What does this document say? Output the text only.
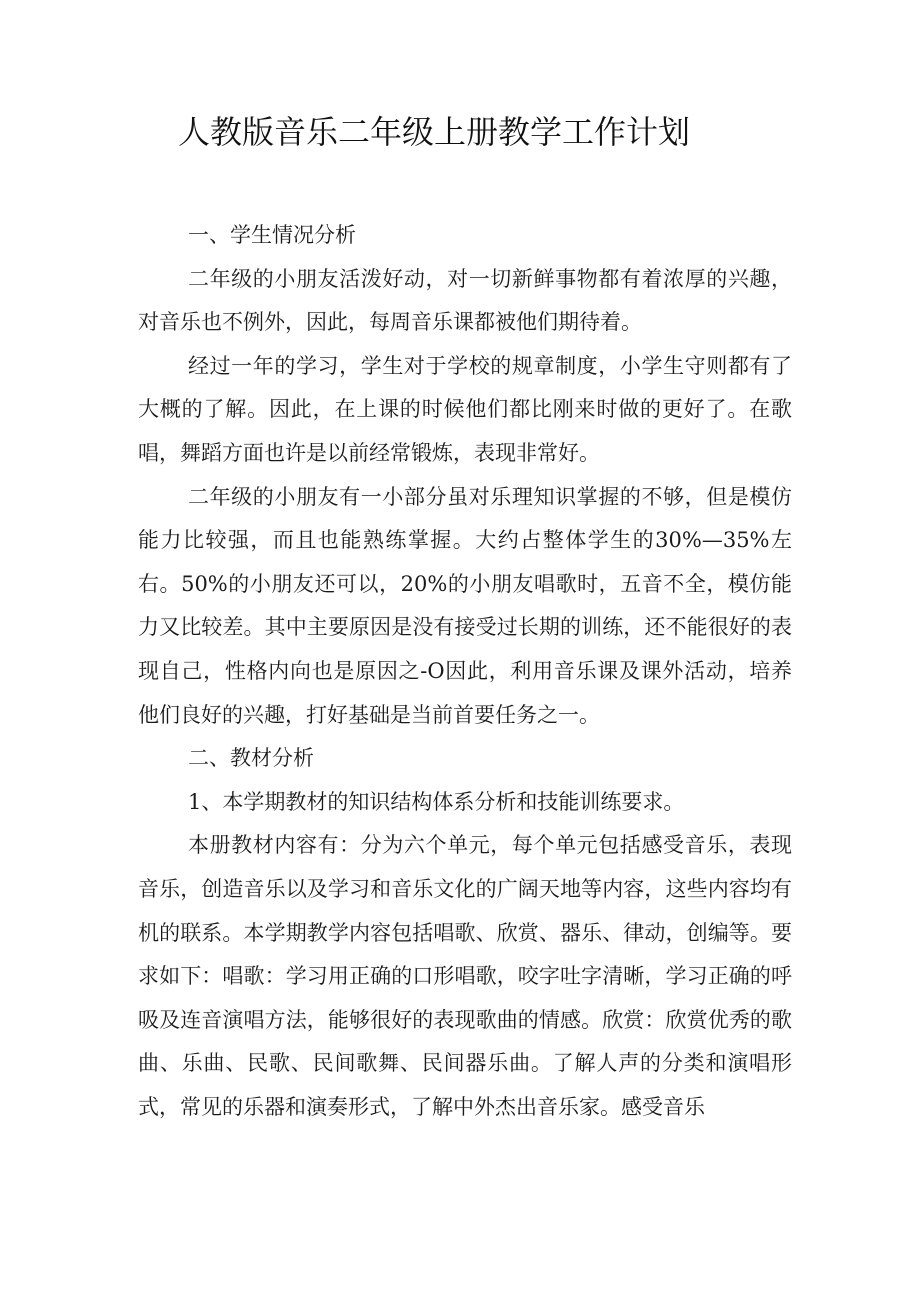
人教版音乐二年级上册教学工作计划

一、学生情况分析

二年级的小朋友活泼好动，对一切新鲜事物都有着浓厚的兴趣，对音乐也不例外，因此，每周音乐课都被他们期待着。

经过一年的学习，学生对于学校的规章制度，小学生守则都有了大概的了解。因此，在上课的时候他们都比刚来时做的更好了。在歌唱，舞蹈方面也许是以前经常锻炼，表现非常好。

二年级的小朋友有一小部分虽对乐理知识掌握的不够，但是模仿能力比较强，而且也能熟练掌握。大约占整体学生的30%—35%左右。50%的小朋友还可以，20%的小朋友唱歌时，五音不全，模仿能力又比较差。其中主要原因是没有接受过长期的训练，还不能很好的表现自己，性格内向也是原因之-O因此，利用音乐课及课外活动，培养他们良好的兴趣，打好基础是当前首要任务之一。

二、教材分析

1、本学期教材的知识结构体系分析和技能训练要求。

本册教材内容有：分为六个单元，每个单元包括感受音乐，表现音乐，创造音乐以及学习和音乐文化的广阔天地等内容，这些内容均有机的联系。本学期教学内容包括唱歌、欣赏、器乐、律动，创编等。要求如下：唱歌：学习用正确的口形唱歌，咬字吐字清晰，学习正确的呼吸及连音演唱方法，能够很好的表现歌曲的情感。欣赏：欣赏优秀的歌曲、乐曲、民歌、民间歌舞、民间器乐曲。了解人声的分类和演唱形式，常见的乐器和演奏形式，了解中外杰出音乐家。感受音乐
